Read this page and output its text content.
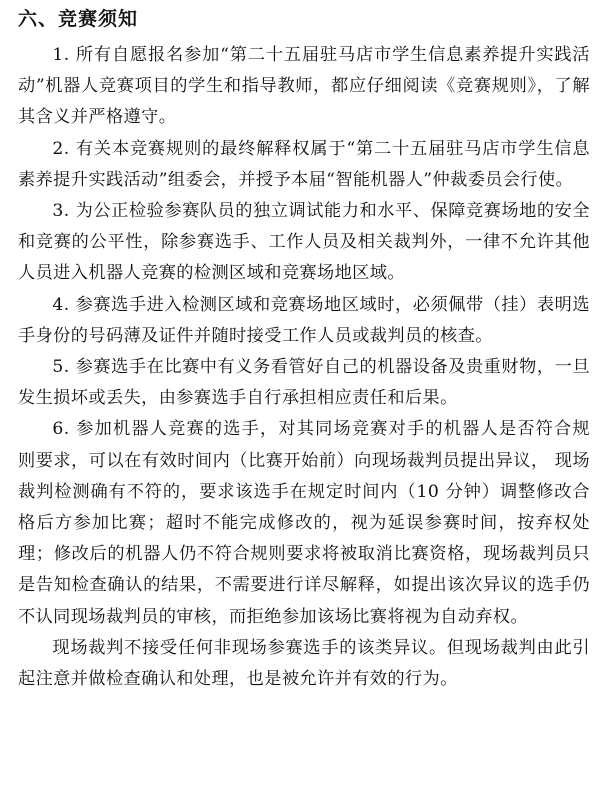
六、竞赛须知

1. 所有自愿报名参加“第二十五届驻马店市学生信息素养提升实践活动”机器人竞赛项目的学生和指导教师，都应仔细阅读《竞赛规则》，了解其含义并严格遵守。

2. 有关本竞赛规则的最终解释权属于“第二十五届驻马店市学生信息素养提升实践活动”组委会，并授予本届“智能机器人”仲裁委员会行使。

3. 为公正检验参赛队员的独立调试能力和水平、保障竞赛场地的安全 和竞赛的公平性，除参赛选手、工作人员及相关裁判外，一律不允许其他人员进入机器人竞赛的检测区域和竞赛场地区域。

4. 参赛选手进入检测区域和竞赛场地区域时，必须佩带（挂）表明选手身份的号码薄及证件并随时接受工作人员或裁判员的核查。

5. 参赛选手在比赛中有义务看管好自己的机器设备及贵重财物，一旦发生损坏或丢失，由参赛选手自行承担相应责任和后果。

6. 参加机器人竞赛的选手，对其同场竞赛对手的机器人是否符合规 则要求，可以在有效时间内（比赛开始前）向现场裁判员提出异议， 现场裁判检测确有不符的，要求该选手在规定时间内（10 分钟）调整修改合格后方参加比赛；超时不能完成修改的，视为延误参赛时间，按弃权处理；修改后的机器人仍不符合规则要求将被取消比赛资格，现场裁判员只是告知检查确认的结果，不需要进行详尽解释，如提出该次异议的选手仍不认同现场裁判员的审核，而拒绝参加该场比赛将视为自动弃权。

现场裁判不接受任何非现场参赛选手的该类异议。但现场裁判由此引起注意并做检查确认和处理，也是被允许并有效的行为。
